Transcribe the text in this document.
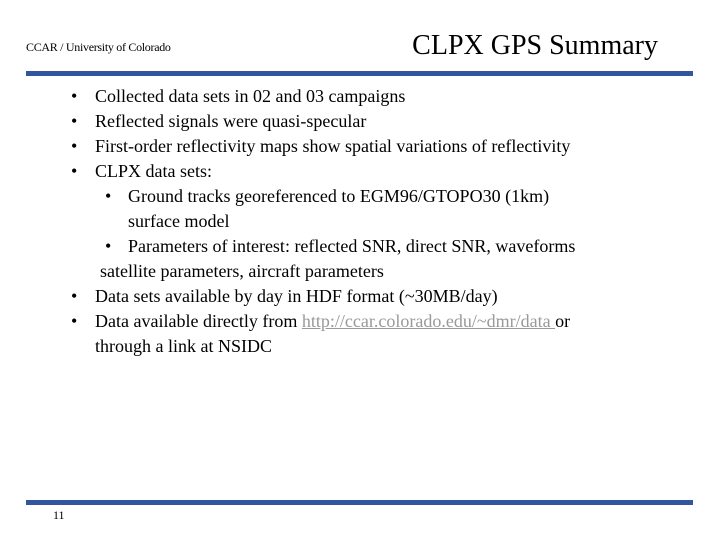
CCAR / University of Colorado	CLPX GPS Summary
• Collected data sets in 02 and 03 campaigns
• Reflected signals were quasi-specular
• First-order reflectivity maps show spatial variations of reflectivity
• CLPX data sets:
• Ground tracks georeferenced to EGM96/GTOPO30 (1km)
surface model
• Parameters of interest: reflected SNR, direct SNR, waveforms
satellite parameters, aircraft parameters
• Data sets available by day in HDF format (~30MB/day)
• Data available directly from http://ccar.colorado.edu/~dmr/data or
through a link at NSIDC
11
